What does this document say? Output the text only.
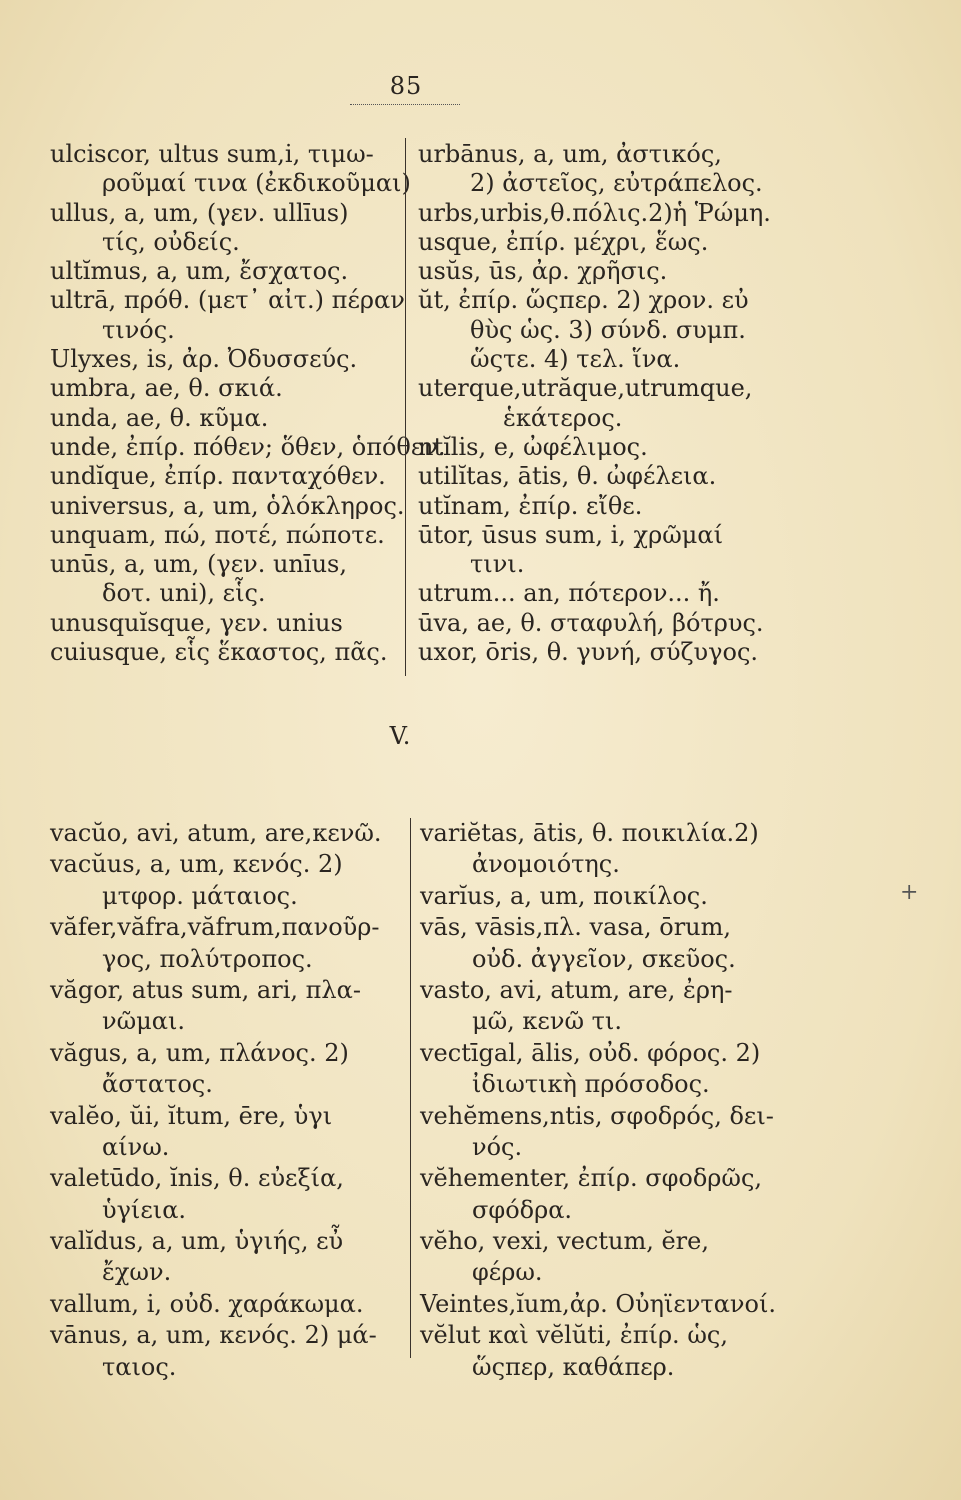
85
ulciscor, ultus sum,i, τιμω-
ροῦμαί τινα (ἐκδικοῦμαι)
ullus, a, um, (γεν. ullīus)
τίς, οὐδείς.
ultĭmus, a, um, ἔσχατος.
ultrā, πρόθ. (μετ᾽ αἰτ.) πέραν
τινός.
Ulyxes, is, ἀρ. Ὀδυσσεύς.
umbra, ae, θ. σκιά.
unda, ae, θ. κῦμα.
unde, ἐπίρ. πόθεν; ὅθεν, ὁπόθεν.
undĭque, ἐπίρ. πανταχόθεν.
universus, a, um, ὁλόκληρος.
unquam, πώ, ποτέ, πώποτε.
unūs, a, um, (γεν. unīus,
δοτ. uni), εἷς.
unusquĭsque, γεν. unius
cuiusque, εἷς ἕκαστος, πᾶς.
urbānus, a, um, ἀστικός,
2) ἀστεῖος, εὐτράπελος.
urbs,urbis,θ.πόλις.2)ἡ Ῥώμη.
usque, ἐπίρ. μέχρι, ἕως.
usŭs, ūs, ἀρ. χρῆσις.
ŭt, ἐπίρ. ὥςπερ. 2) χρον. εὐ
θὺς ὡς. 3) σύνδ. συμπ.
ὥςτε. 4) τελ. ἵνα.
uterque,utrăque,utrumque,
ἑκάτερος.
ntĭlis, e, ὠφέλιμος.
utilĭtas, ātis, θ. ὠφέλεια.
utĭnam, ἐπίρ. εἴθε.
ūtor, ūsus sum, i, χρῶμαί
τινι.
utrum... an, πότερον... ἤ.
ūva, ae, θ. σταφυλή, βότρυς.
uxor, ōris, θ. γυνή, σύζυγος.
V.
vacŭo, avi, atum, are,κενῶ.
vacŭus, a, um, κενός. 2)
μτφορ. μάταιος.
văfer,văfra,văfrum,πανοῦρ-
γος, πολύτροπος.
văgor, atus sum, ari, πλα-
νῶμαι.
văgus, a, um, πλάνος. 2)
ἄστατος.
valĕo, ŭi, ĭtum, ēre, ὑγι
αίνω.
valetūdo, ĭnis, θ. εὐεξία,
ὑγίεια.
valĭdus, a, um, ὑγιής, εὖ
ἔχων.
vallum, i, οὐδ. χαράκωμα.
vānus, a, um, κενός. 2) μά-
ταιος.
variĕtas, ātis, θ. ποικιλία.2)
ἀνομοιότης.
varĭus, a, um, ποικίλος.
vās, vāsis,πλ. vasa, ōrum,
οὐδ. ἀγγεῖον, σκεῦος.
vasto, avi, atum, are, ἐρη-
μῶ, κενῶ τι.
vectīgal, ālis, οὐδ. φόρος. 2)
ἰδιωτικὴ πρόσοδος.
vehĕmens,ntis, σφοδρός, δει-
νός.
vĕhementer, ἐπίρ. σφοδρῶς,
σφόδρα.
vĕho, vexi, vectum, ĕre,
φέρω.
Veintes,ĭum,ἀρ. Οὐηϊεντανοί.
vĕlut καὶ vĕlŭti, ἐπίρ. ὡς,
ὥςπερ, καθάπερ.
+
